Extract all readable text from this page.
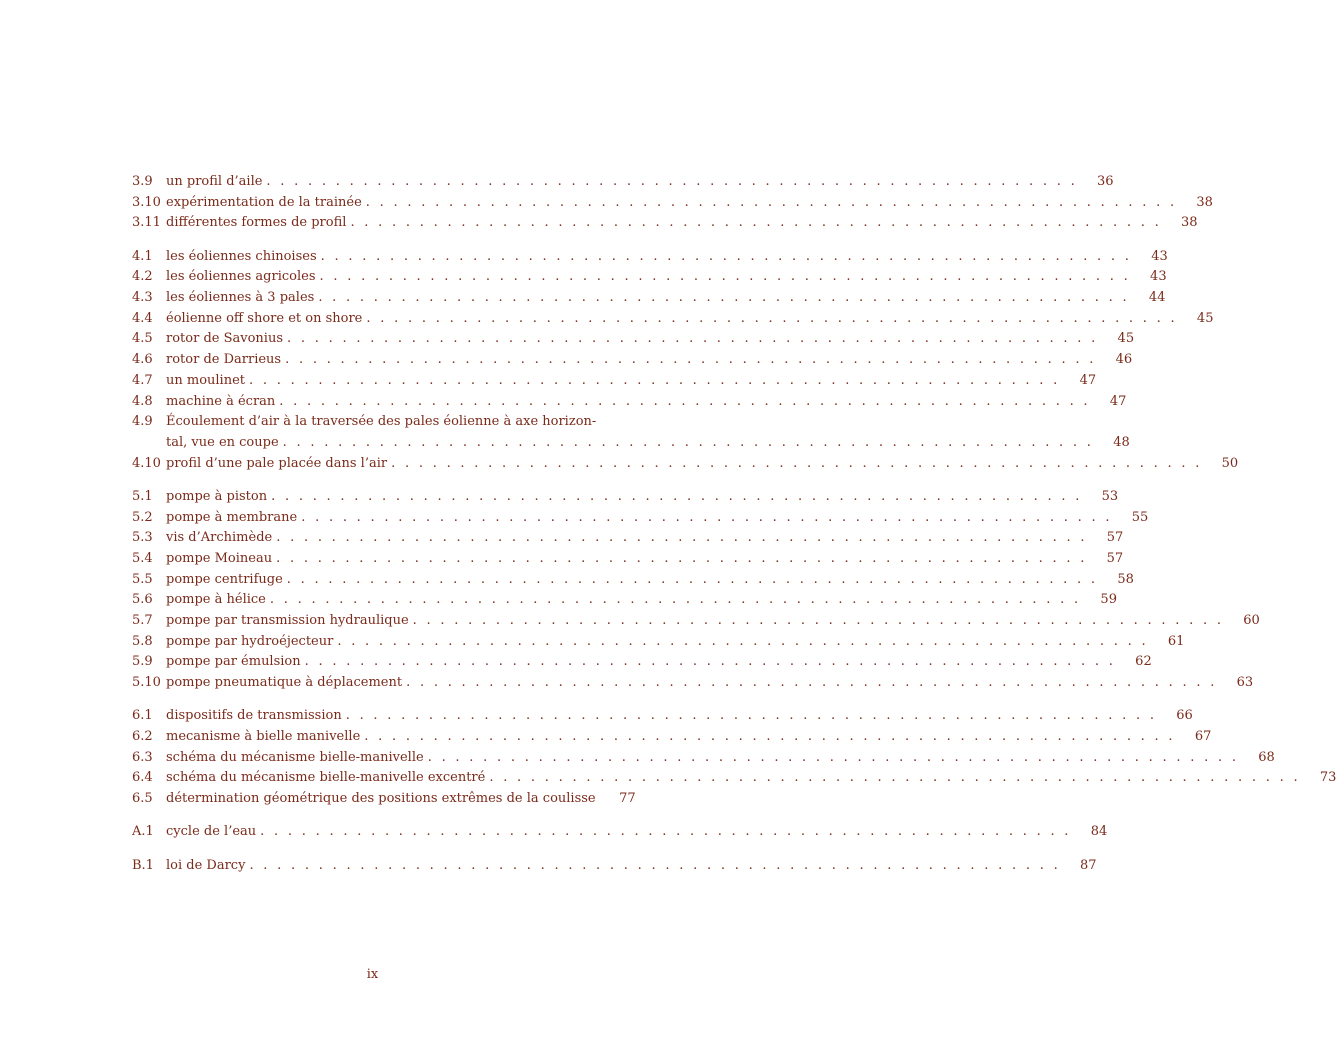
3.9	un profil d’aile . . . . . . . . . . . . . . . . . . . . . . . . . . . . . . . . . . . . . . . . . . . . . . . . . . . . . . . . . . .	36
3.10 expérimentation de la trainée . . . . . . . . . . . . . . . . . . . . . . . . . . . . . . . . . . . . . . . . . . . . . . . . . . . . . . . . . . .	38
3.11 différentes formes de profil . . . . . . . . . . . . . . . . . . . . . . . . . . . . . . . . . . . . . . . . . . . . . . . . . . . . . . . . . . .	38
4.1	les éoliennes chinoises . . . . . . . . . . . . . . . . . . . . . . . . . . . . . . . . . . . . . . . . . . . . . . . . . . . . . . . . . . .	43
4.2	les éoliennes agricoles . . . . . . . . . . . . . . . . . . . . . . . . . . . . . . . . . . . . . . . . . . . . . . . . . . . . . . . . . . .	43
4.3	les éoliennes à 3 pales . . . . . . . . . . . . . . . . . . . . . . . . . . . . . . . . . . . . . . . . . . . . . . . . . . . . . . . . . . .	44
4.4	éolienne off shore et on shore . . . . . . . . . . . . . . . . . . . . . . . . . . . . . . . . . . . . . . . . . . . . . . . . . . . . . . . . . . .	45
4.5	rotor de Savonius . . . . . . . . . . . . . . . . . . . . . . . . . . . . . . . . . . . . . . . . . . . . . . . . . . . . . . . . . . .	45
4.6	rotor de Darrieus . . . . . . . . . . . . . . . . . . . . . . . . . . . . . . . . . . . . . . . . . . . . . . . . . . . . . . . . . . .	46
4.7	un moulinet . . . . . . . . . . . . . . . . . . . . . . . . . . . . . . . . . . . . . . . . . . . . . . . . . . . . . . . . . . .	47
4.8	machine à écran . . . . . . . . . . . . . . . . . . . . . . . . . . . . . . . . . . . . . . . . . . . . . . . . . . . . . . . . . . .	47
4.9	Écoulement d’air à la traversée des pales éolienne à axe horizon-
tal, vue en coupe . . . . . . . . . . . . . . . . . . . . . . . . . . . . . . . . . . . . . . . . . . . . . . . . . . . . . . . . . . .	48
4.10 profil d’une pale placée dans l’air . . . . . . . . . . . . . . . . . . . . . . . . . . . . . . . . . . . . . . . . . . . . . . . . . . . . . . . . . . .	50
5.1	pompe à piston . . . . . . . . . . . . . . . . . . . . . . . . . . . . . . . . . . . . . . . . . . . . . . . . . . . . . . . . . . .	53
5.2	pompe à membrane . . . . . . . . . . . . . . . . . . . . . . . . . . . . . . . . . . . . . . . . . . . . . . . . . . . . . . . . . . .	55
5.3	vis d’Archimède . . . . . . . . . . . . . . . . . . . . . . . . . . . . . . . . . . . . . . . . . . . . . . . . . . . . . . . . . . .	57
5.4	pompe Moineau . . . . . . . . . . . . . . . . . . . . . . . . . . . . . . . . . . . . . . . . . . . . . . . . . . . . . . . . . . .	57
5.5	pompe centrifuge . . . . . . . . . . . . . . . . . . . . . . . . . . . . . . . . . . . . . . . . . . . . . . . . . . . . . . . . . . .	58
5.6	pompe à hélice . . . . . . . . . . . . . . . . . . . . . . . . . . . . . . . . . . . . . . . . . . . . . . . . . . . . . . . . . . .	59
5.7	pompe par transmission hydraulique . . . . . . . . . . . . . . . . . . . . . . . . . . . . . . . . . . . . . . . . . . . . . . . . . . . . . . . . . . .	60
5.8	pompe par hydroéjecteur . . . . . . . . . . . . . . . . . . . . . . . . . . . . . . . . . . . . . . . . . . . . . . . . . . . . . . . . . . .	61
5.9	pompe par émulsion . . . . . . . . . . . . . . . . . . . . . . . . . . . . . . . . . . . . . . . . . . . . . . . . . . . . . . . . . . .	62
5.10 pompe pneumatique à déplacement . . . . . . . . . . . . . . . . . . . . . . . . . . . . . . . . . . . . . . . . . . . . . . . . . . . . . . . . . . .	63
6.1	dispositifs de transmission . . . . . . . . . . . . . . . . . . . . . . . . . . . . . . . . . . . . . . . . . . . . . . . . . . . . . . . . . . .	66
6.2	mecanisme à bielle manivelle . . . . . . . . . . . . . . . . . . . . . . . . . . . . . . . . . . . . . . . . . . . . . . . . . . . . . . . . . . .	67
6.3	schéma du mécanisme bielle-manivelle . . . . . . . . . . . . . . . . . . . . . . . . . . . . . . . . . . . . . . . . . . . . . . . . . . . . . . . . . . .	68
6.4	schéma du mécanisme bielle-manivelle excentré . . . . . . . . . . . . . . . . . . . . . . . . . . . . . . . . . . . . . . . . . . . . . . . . . . . . . . . . . . .	73
6.5	détermination géométrique des positions extrêmes de la coulisse	77
A.1 cycle de l’eau . . . . . . . . . . . . . . . . . . . . . . . . . . . . . . . . . . . . . . . . . . . . . . . . . . . . . . . . . . .	84
B.1 loi de Darcy . . . . . . . . . . . . . . . . . . . . . . . . . . . . . . . . . . . . . . . . . . . . . . . . . . . . . . . . . . .	87
ix
